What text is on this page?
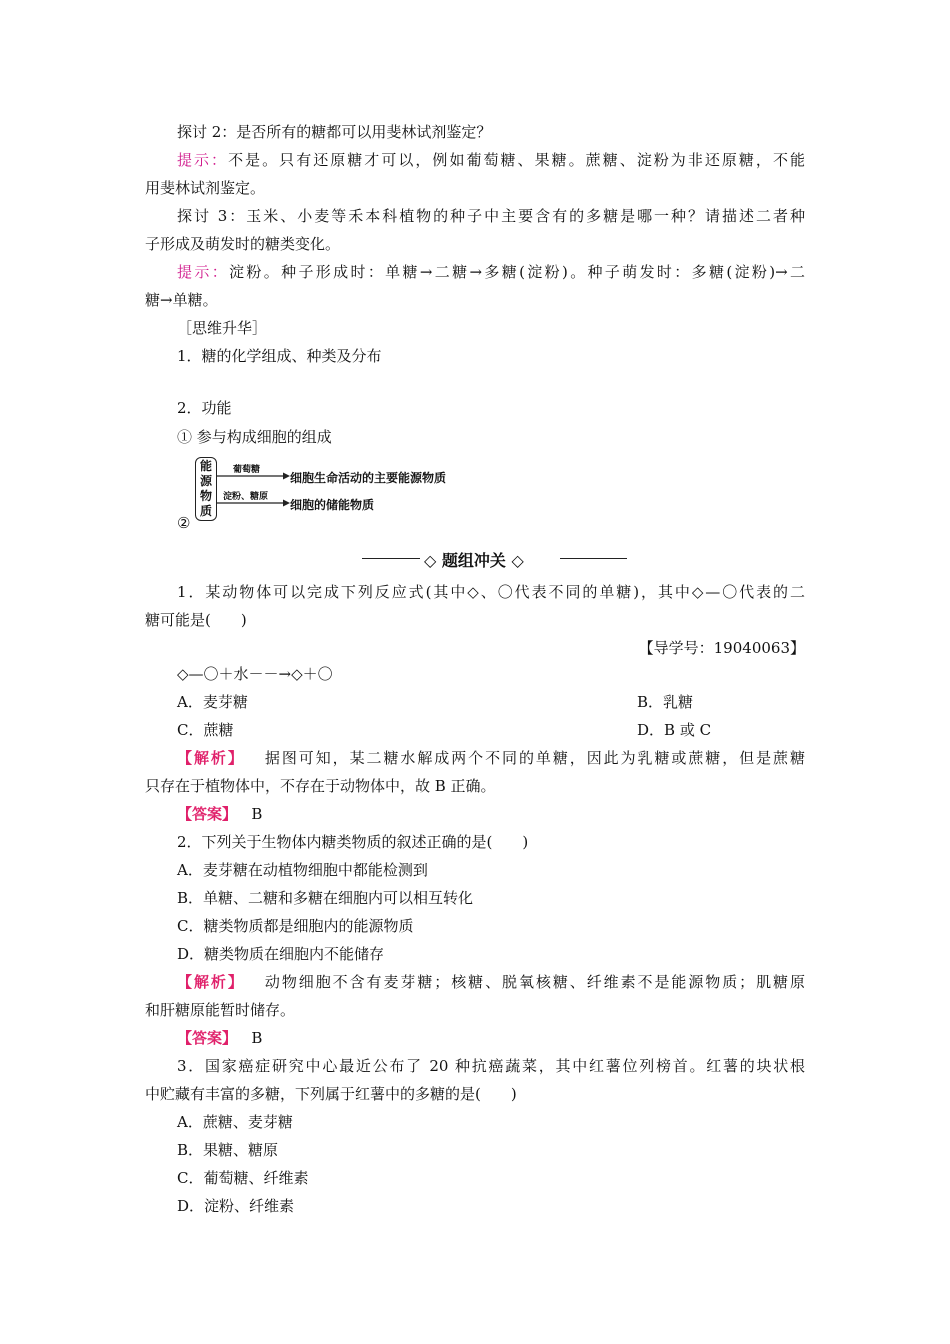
探讨 2：是否所有的糖都可以用斐林试剂鉴定？
提示：不是。只有还原糖才可以，例如葡萄糖、果糖。蔗糖、淀粉为非还原糖，不能
用斐林试剂鉴定。
探讨 3：玉米、小麦等禾本科植物的种子中主要含有的多糖是哪一种？请描述二者种
子形成及萌发时的糖类变化。
提示：淀粉。种子形成时：单糖→二糖→多糖(淀粉)。种子萌发时：多糖(淀粉)→二
糖→单糖。
［思维升华］
1．糖的化学组成、种类及分布
2．功能
① 参与构成细胞的组成
②
能
源
物
质
葡萄糖
淀粉、糖原
细胞生命活动的主要能源物质
细胞的储能物质
◇ 题组冲关 ◇
1．某动物体可以完成下列反应式(其中◇、〇代表不同的单糖)，其中◇—〇代表的二
糖可能是(　　)
【导学号：19040063】
◇—〇＋水－－→◇＋〇
A．麦芽糖	B．乳糖
C．蔗糖	D．B 或 C
【解析】 据图可知，某二糖水解成两个不同的单糖，因此为乳糖或蔗糖，但是蔗糖
只存在于植物体中，不存在于动物体中，故 B 正确。
【答案】 B
2．下列关于生物体内糖类物质的叙述正确的是(　　)
A．麦芽糖在动植物细胞中都能检测到
B．单糖、二糖和多糖在细胞内可以相互转化
C．糖类物质都是细胞内的能源物质
D．糖类物质在细胞内不能储存
【解析】 动物细胞不含有麦芽糖；核糖、脱氧核糖、纤维素不是能源物质；肌糖原
和肝糖原能暂时储存。
【答案】 B
3．国家癌症研究中心最近公布了 20 种抗癌蔬菜，其中红薯位列榜首。红薯的块状根
中贮藏有丰富的多糖，下列属于红薯中的多糖的是(　　)
A．蔗糖、麦芽糖
B．果糖、糖原
C．葡萄糖、纤维素
D．淀粉、纤维素
